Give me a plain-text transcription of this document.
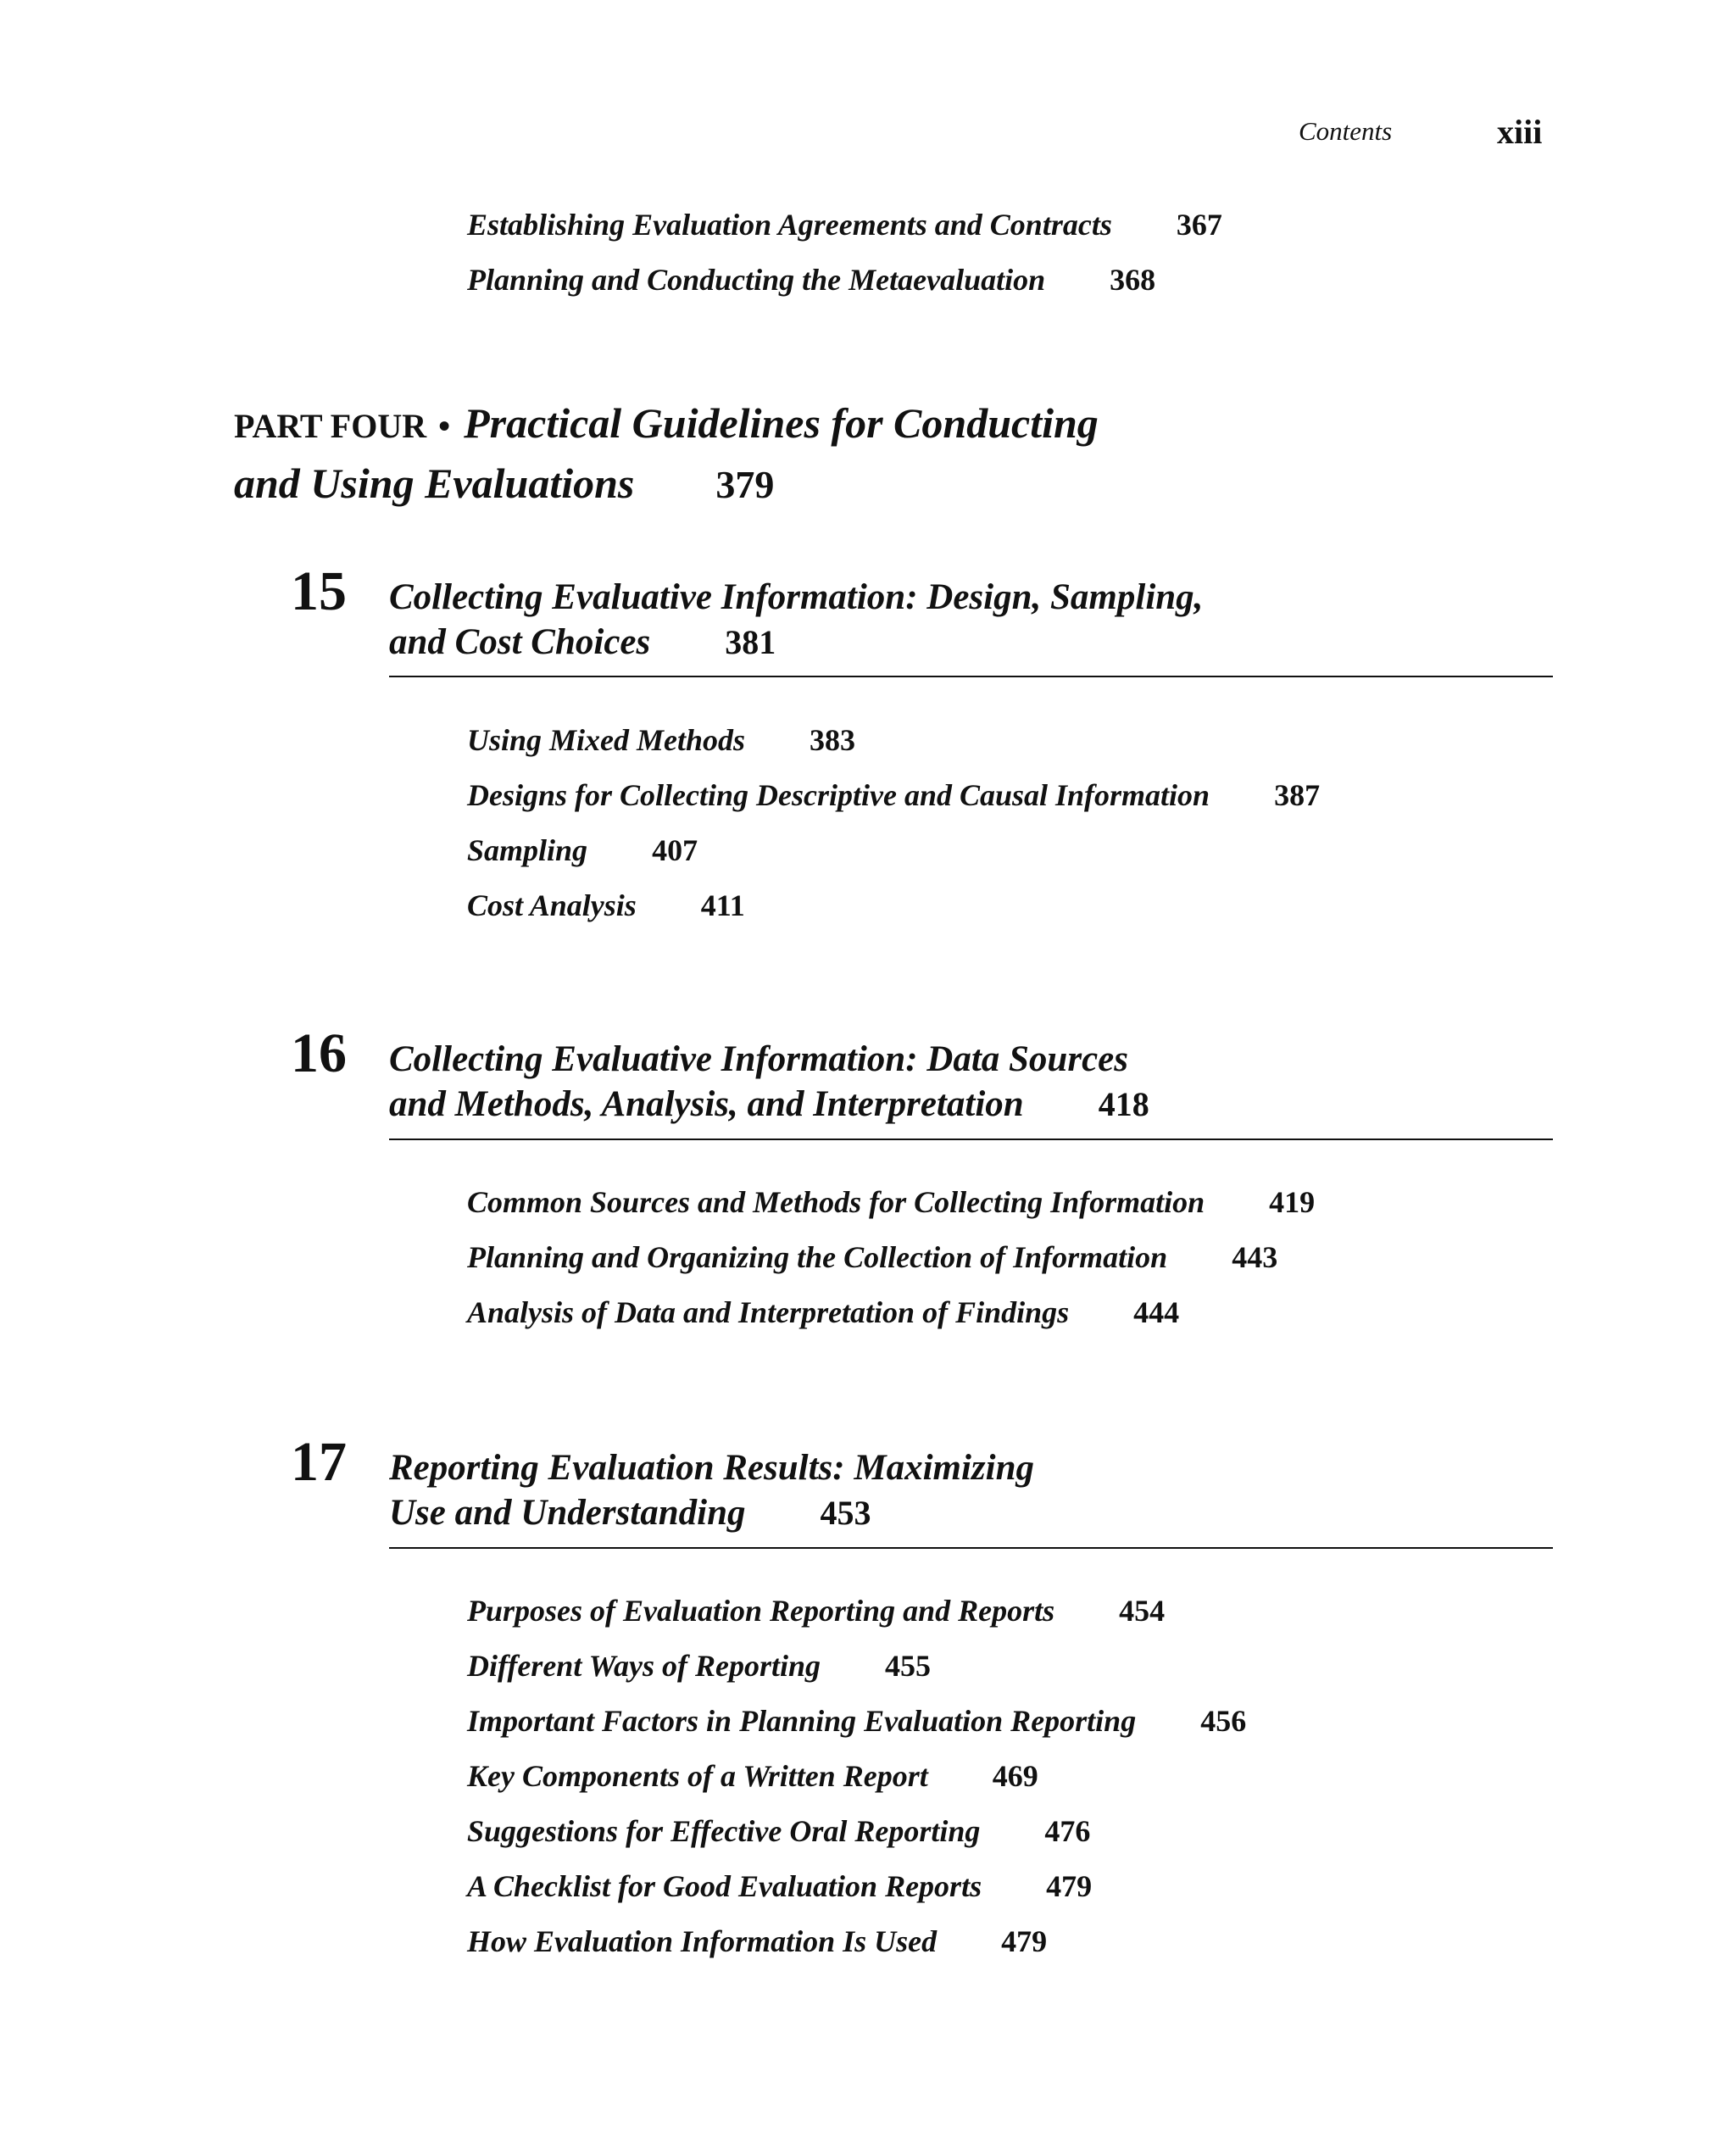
Contents	xiii
Establishing Evaluation Agreements and Contracts 367
Planning and Conducting the Metaevaluation 368
PART FOUR • Practical Guidelines for Conducting
and Using Evaluations 379
15 Collecting Evaluative Information: Design, Sampling,
and Cost Choices 381
Using Mixed Methods 383
Designs for Collecting Descriptive and Causal Information 387
Sampling 407
Cost Analysis 411
16 Collecting Evaluative Information: Data Sources
and Methods, Analysis, and Interpretation 418
Common Sources and Methods for Collecting Information 419
Planning and Organizing the Collection of Information 443
Analysis of Data and Interpretation of Findings 444
17 Reporting Evaluation Results: Maximizing
Use and Understanding 453
Purposes of Evaluation Reporting and Reports 454
Different Ways of Reporting 455
Important Factors in Planning Evaluation Reporting 456
Key Components of a Written Report 469
Suggestions for Effective Oral Reporting 476
A Checklist for Good Evaluation Reports 479
How Evaluation Information Is Used 479
